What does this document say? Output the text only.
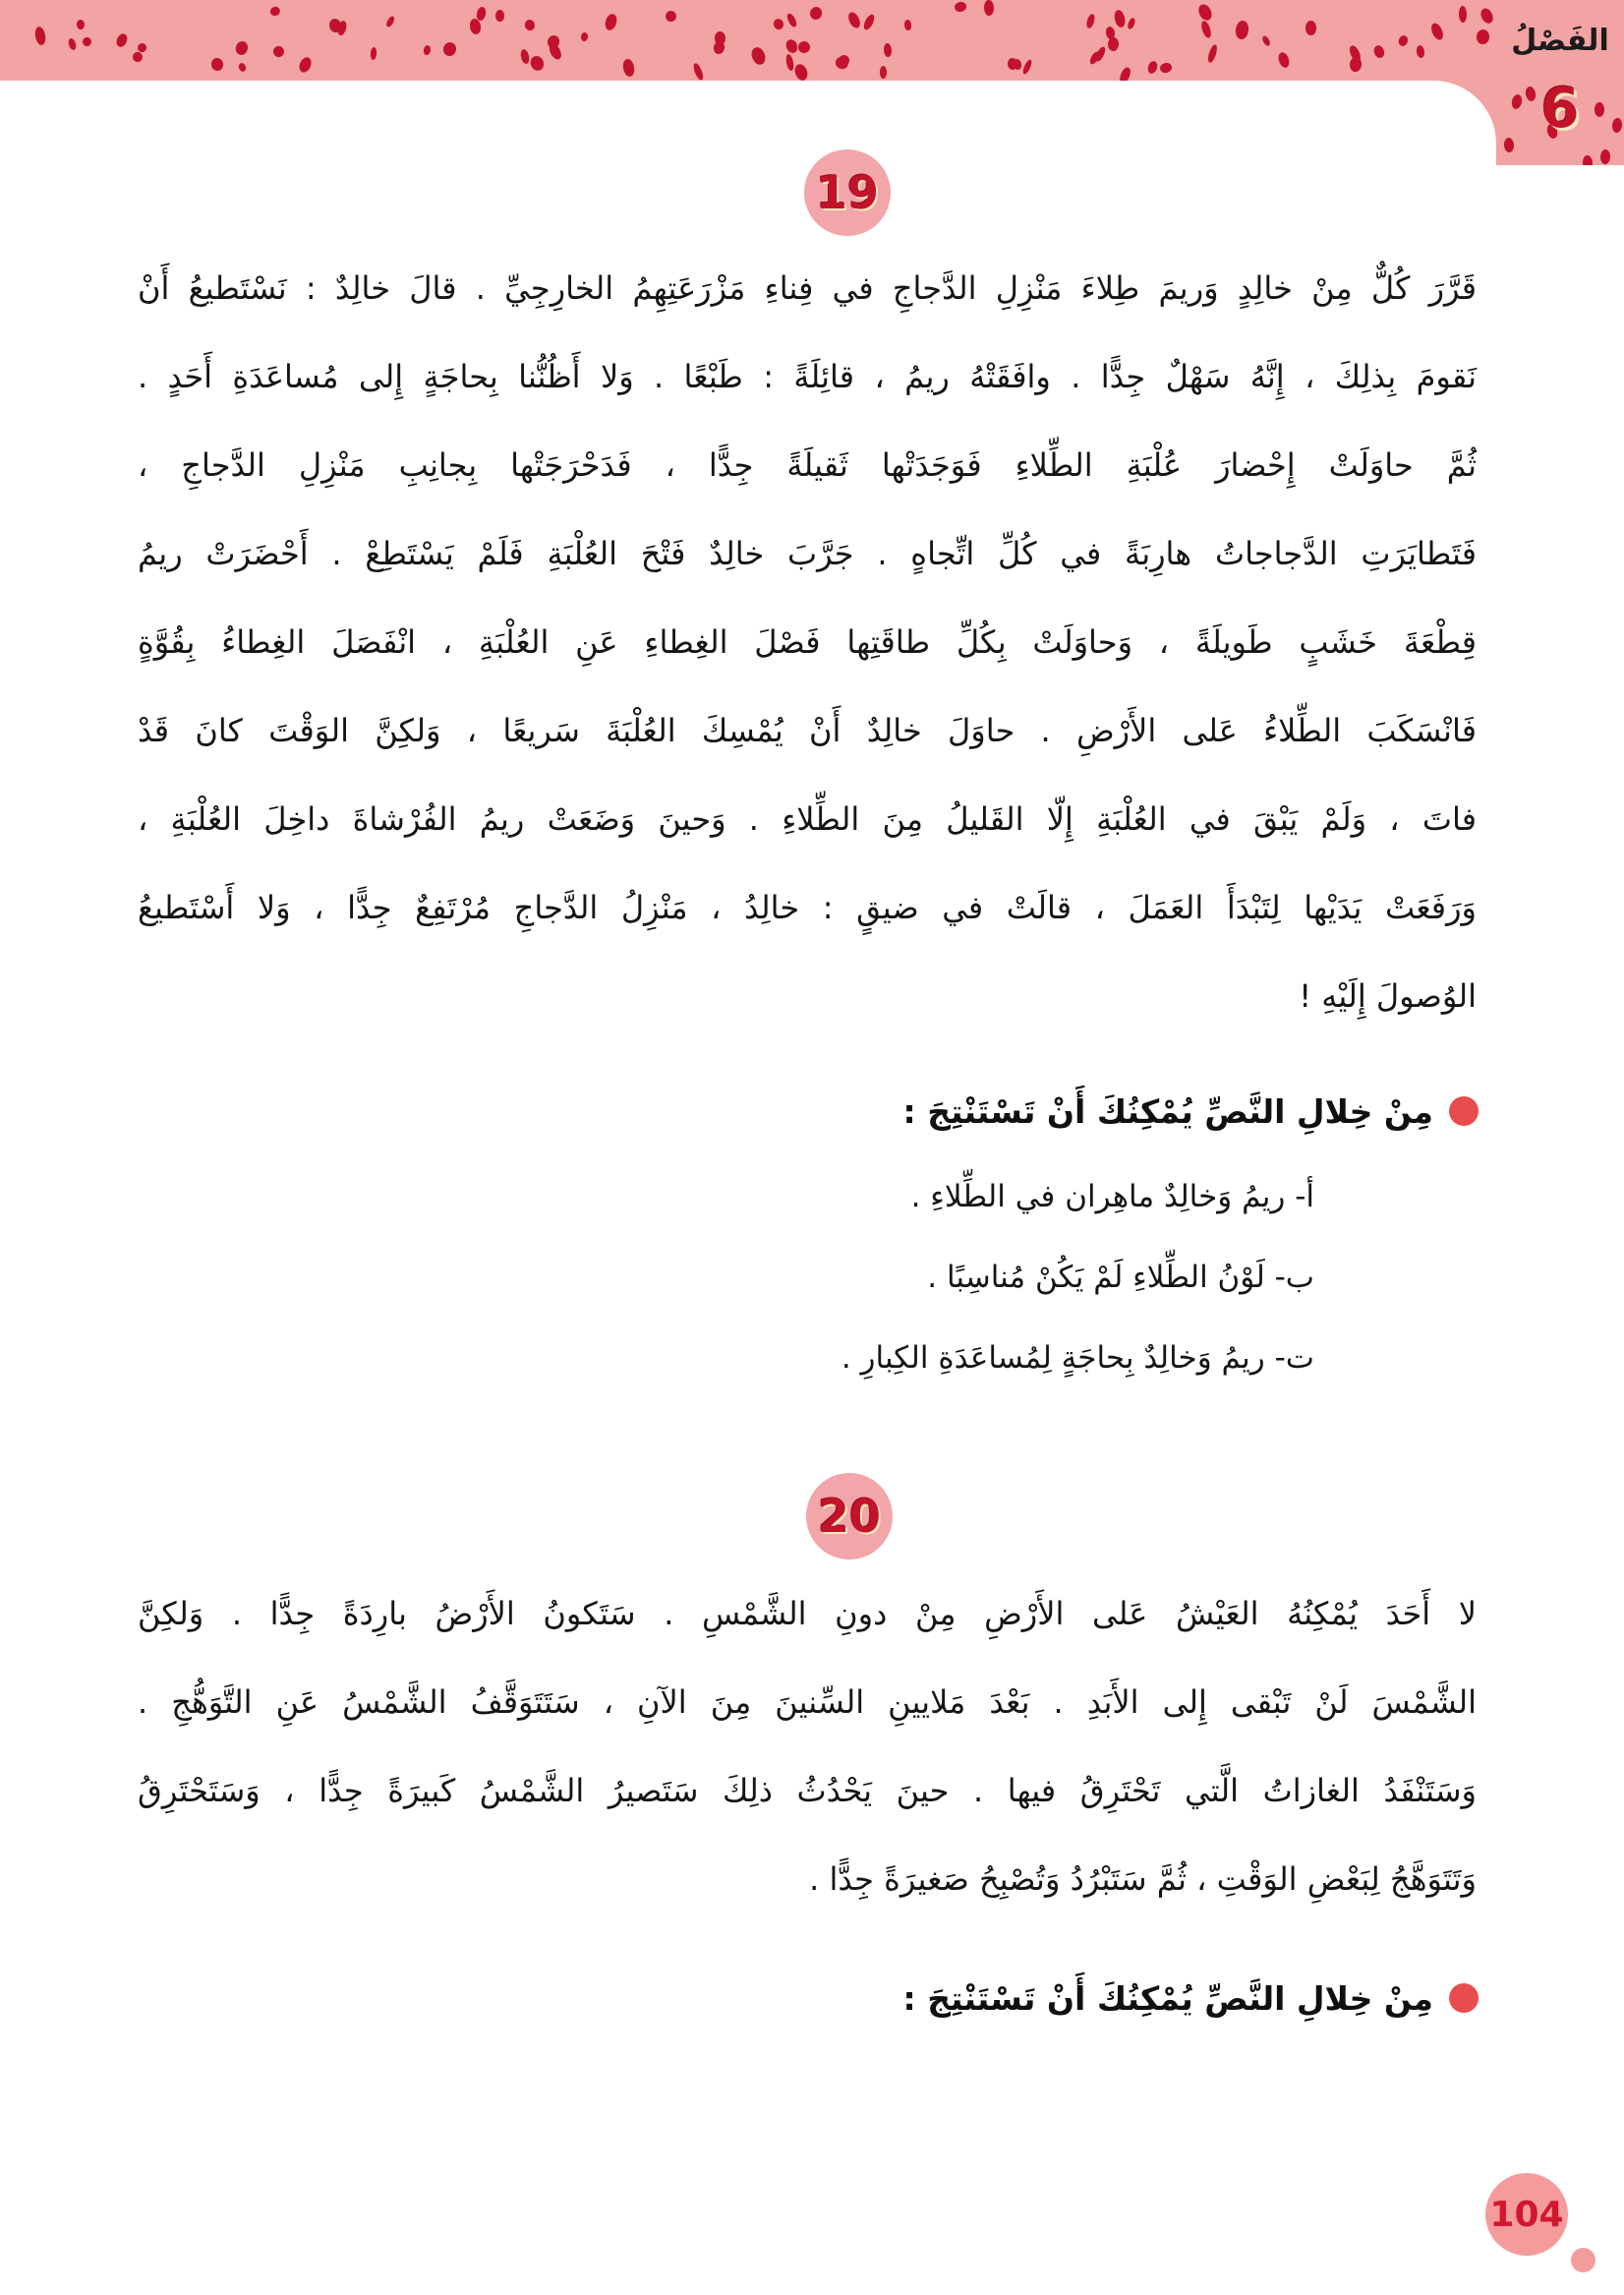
الفَصْلُ
6
19
قَرَّرَ كُلٌّ مِنْ خالِدٍ وَريمَ طِلاءَ مَنْزِلِ الدَّجاجِ في فِناءِ مَزْرَعَتِهِمُ الخارِجِيِّ . قالَ خالِدٌ : نَسْتَطيعُ أَنْ
نَقومَ بِذلِكَ ، إِنَّهُ سَهْلٌ جِدًّا . وافَقَتْهُ ريمُ ، قائِلَةً : طَبْعًا . وَلا أَظُنُّنا بِحاجَةٍ إِلى مُساعَدَةِ أَحَدٍ .
ثُمَّ حاوَلَتْ إِحْضارَ عُلْبَةِ الطِّلاءِ فَوَجَدَتْها ثَقيلَةً جِدًّا ، فَدَحْرَجَتْها بِجانِبِ مَنْزِلِ الدَّجاجِ ،
فَتَطايَرَتِ الدَّجاجاتُ هارِبَةً في كُلِّ اتِّجاهٍ . جَرَّبَ خالِدٌ فَتْحَ العُلْبَةِ فَلَمْ يَسْتَطِعْ . أَحْضَرَتْ ريمُ
قِطْعَةَ خَشَبٍ طَويلَةً ، وَحاوَلَتْ بِكُلِّ طاقَتِها فَصْلَ الغِطاءِ عَنِ العُلْبَةِ ، انْفَصَلَ الغِطاءُ بِقُوَّةٍ
فَانْسَكَبَ الطِّلاءُ عَلى الأَرْضِ . حاوَلَ خالِدٌ أَنْ يُمْسِكَ العُلْبَةَ سَريعًا ، وَلكِنَّ الوَقْتَ كانَ قَدْ
فاتَ ، وَلَمْ يَبْقَ في العُلْبَةِ إِلّا القَليلُ مِنَ الطِّلاءِ . وَحينَ وَضَعَتْ ريمُ الفُرْشاةَ داخِلَ العُلْبَةِ ،
وَرَفَعَتْ يَدَيْها لِتَبْدَأَ العَمَلَ ، قالَتْ في ضيقٍ : خالِدُ ، مَنْزِلُ الدَّجاجِ مُرْتَفِعٌ جِدًّا ، وَلا أَسْتَطيعُ
الوُصولَ إِلَيْهِ !
مِنْ خِلالِ النَّصِّ يُمْكِنُكَ أَنْ تَسْتَنْتِجَ :
أ- ريمُ وَخالِدٌ ماهِران في الطِّلاءِ .
ب- لَوْنُ الطِّلاءِ لَمْ يَكُنْ مُناسِبًا .
ت- ريمُ وَخالِدٌ بِحاجَةٍ لِمُساعَدَةِ الكِبارِ .
20
لا أَحَدَ يُمْكِنُهُ العَيْشُ عَلى الأَرْضِ مِنْ دونِ الشَّمْسِ . سَتَكونُ الأَرْضُ بارِدَةً جِدًّا . وَلكِنَّ
الشَّمْسَ لَنْ تَبْقى إِلى الأَبَدِ . بَعْدَ مَلايينِ السِّنينَ مِنَ الآنِ ، سَتَتَوَقَّفُ الشَّمْسُ عَنِ التَّوَهُّجِ .
وَسَتَنْفَدُ الغازاتُ الَّتي تَحْتَرِقُ فيها . حينَ يَحْدُثُ ذلِكَ سَتَصيرُ الشَّمْسُ كَبيرَةً جِدًّا ، وَسَتَحْتَرِقُ
وَتَتَوَهَّجُ لِبَعْضِ الوَقْتِ ، ثُمَّ سَتَبْرُدُ وَتُصْبِحُ صَغيرَةً جِدًّا .
مِنْ خِلالِ النَّصِّ يُمْكِنُكَ أَنْ تَسْتَنْتِجَ :
104
